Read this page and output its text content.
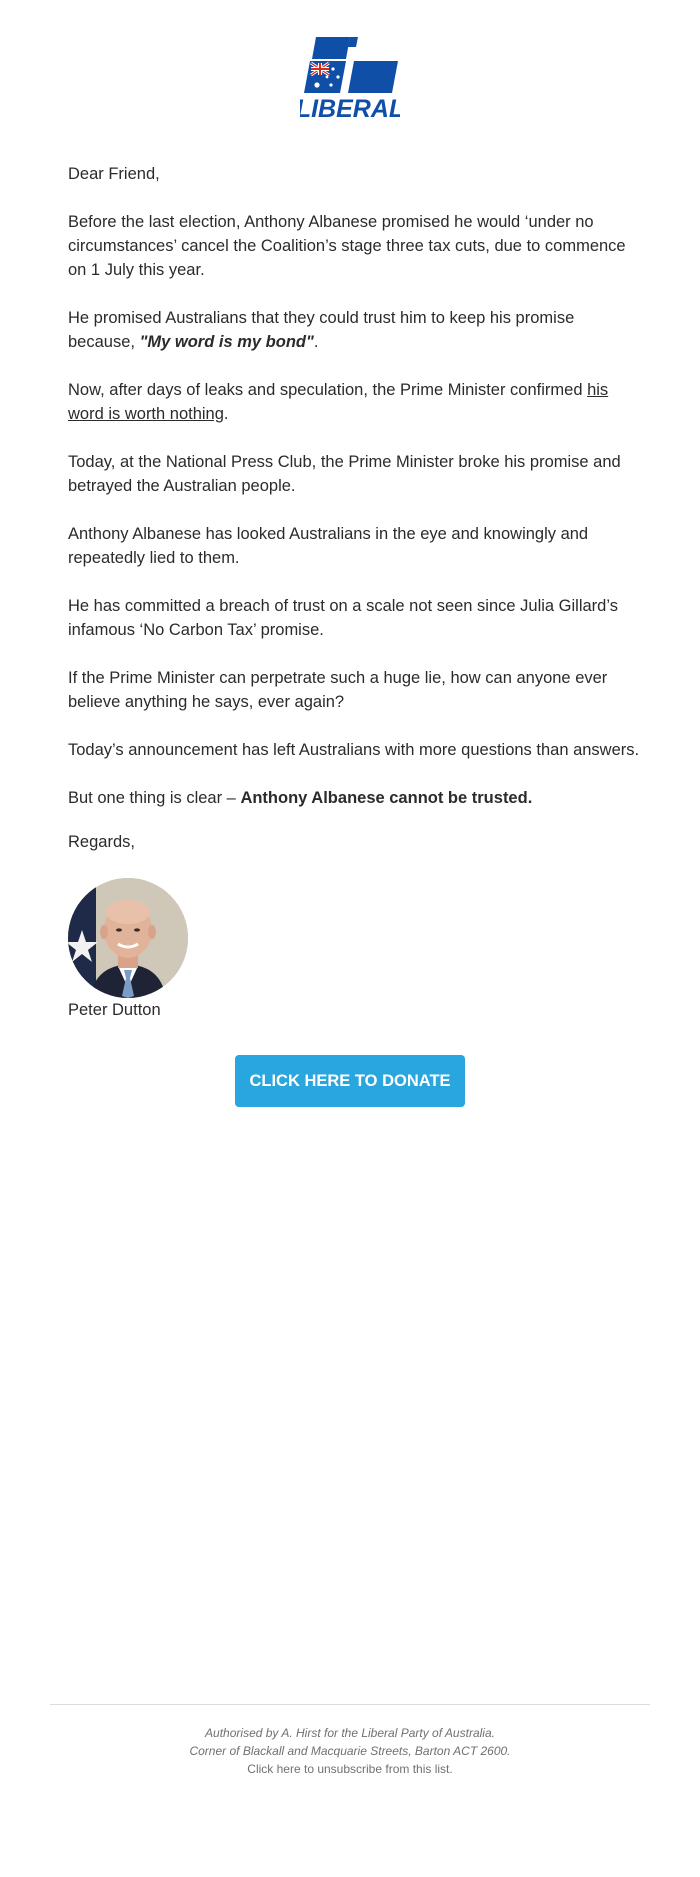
LIBERAL

Dear Friend,

Before the last election, Anthony Albanese promised he would ‘under no circumstances’ cancel the Coalition’s stage three tax cuts, due to commence on 1 July this year.

He promised Australians that they could trust him to keep his promise because, "My word is my bond".

Now, after days of leaks and speculation, the Prime Minister confirmed his word is worth nothing.

Today, at the National Press Club, the Prime Minister broke his promise and betrayed the Australian people.

Anthony Albanese has looked Australians in the eye and knowingly and repeatedly lied to them.

He has committed a breach of trust on a scale not seen since Julia Gillard’s infamous ‘No Carbon Tax’ promise.

If the Prime Minister can perpetrate such a huge lie, how can anyone ever believe anything he says, ever again?

Today’s announcement has left Australians with more questions than answers.

But one thing is clear – Anthony Albanese cannot be trusted.

Regards,

Peter Dutton
CLICK HERE TO DONATE
Authorised by A. Hirst for the Liberal Party of Australia.
Corner of Blackall and Macquarie Streets, Barton ACT 2600.
Click here to unsubscribe from this list.
